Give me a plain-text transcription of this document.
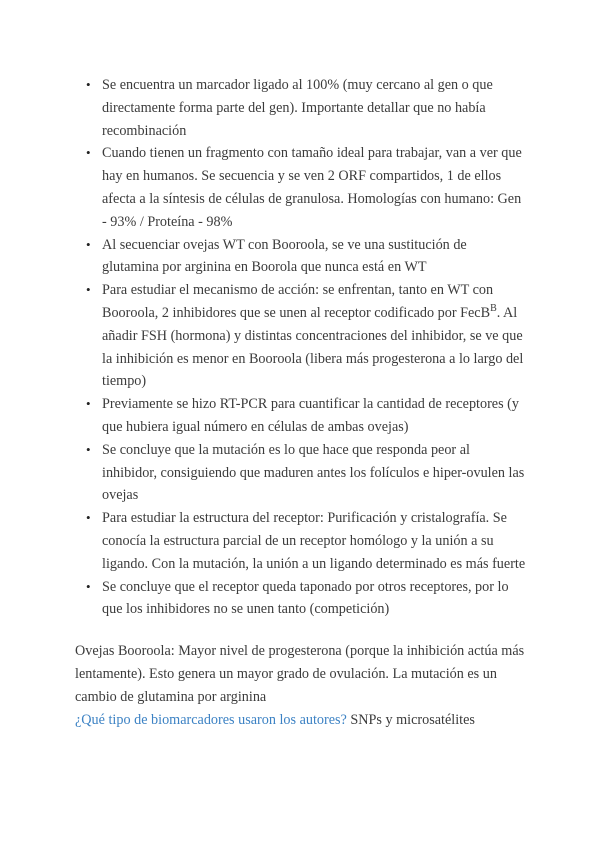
• Se encuentra un marcador ligado al 100% (muy cercano al gen o que directamente forma parte del gen). Importante detallar que no había recombinación
• Cuando tienen un fragmento con tamaño ideal para trabajar, van a ver que hay en humanos. Se secuencia y se ven 2 ORF compartidos, 1 de ellos afecta a la síntesis de células de granulosa. Homologías con humano: Gen - 93% / Proteína - 98%
• Al secuenciar ovejas WT con Booroola, se ve una sustitución de glutamina por arginina en Boorola que nunca está en WT
• Para estudiar el mecanismo de acción: se enfrentan, tanto en WT con Booroola, 2 inhibidores que se unen al receptor codificado por FecB$^B$. Al añadir FSH (hormona) y distintas concentraciones del inhibidor, se ve que la inhibición es menor en Booroola (libera más progesterona a lo largo del tiempo)
• Previamente se hizo RT-PCR para cuantificar la cantidad de receptores (y que hubiera igual número en células de ambas ovejas)
• Se concluye que la mutación es lo que hace que responda peor al inhibidor, consiguiendo que maduren antes los folículos e hiper-ovulen las ovejas
• Para estudiar la estructura del receptor: Purificación y cristalografía. Se conocía la estructura parcial de un receptor homólogo y la unión a su ligando. Con la mutación, la unión a un ligando determinado es más fuerte
• Se concluye que el receptor queda taponado por otros receptores, por lo que los inhibidores no se unen tanto (competición)

Ovejas Booroola: Mayor nivel de progesterona (porque la inhibición actúa más lentamente). Esto genera un mayor grado de ovulación. La mutación es un cambio de glutamina por arginina

¿Qué tipo de biomarcadores usaron los autores? SNPs y microsatélites
